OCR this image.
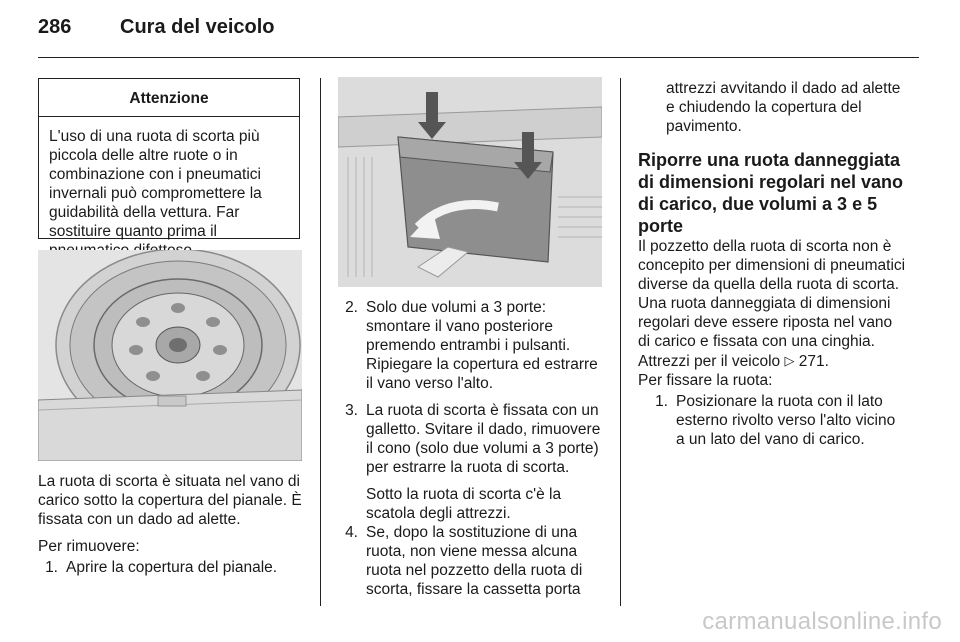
286 Cura del veicolo
Attenzione
L'uso di una ruota di scorta più piccola delle altre ruote o in combinazione con i pneumatici invernali può compromettere la guidabilità della vettura. Far sostituire quanto prima il

La ruota di scorta è situata nel vano di carico sotto la copertura del pianale. È fissata con un dado ad alette.

Per rimuovere:

1. Aprire la copertura del pianale.
2. Solo due volumi a 3 porte: smontare il vano posteriore premendo entrambi i pulsanti. Ripiegare la copertura ed estrarre il vano verso l'alto.
3. La ruota di scorta è fissata con un galletto. Svitare il dado, rimuovere il cono (solo due volumi a 3 porte) per estrarre la ruota di scorta.

Sotto la ruota di scorta c'è la scatola degli attrezzi.

4. Se, dopo la sostituzione di una ruota, non viene messa alcuna ruota nel pozzetto della ruota di scorta, fissare la cassetta porta

attrezzi avvitando il dado ad alette e chiudendo la copertura del pavimento.

Riporre una ruota danneggiata di dimensioni regolari nel vano di carico, due volumi a 3 e 5 porte

Il pozzetto della ruota di scorta non è concepito per dimensioni di pneumatici diverse da quella della ruota di scorta. Una ruota danneggiata di dimensioni regolari deve essere riposta nel vano di carico e fissata con una cinghia. Attrezzi per il veicolo ▷ 271.

Per fissare la ruota:

1. Posizionare la ruota con il lato esterno rivolto verso l'alto vicino a un lato del vano di carico.
carmanualsonline.info
